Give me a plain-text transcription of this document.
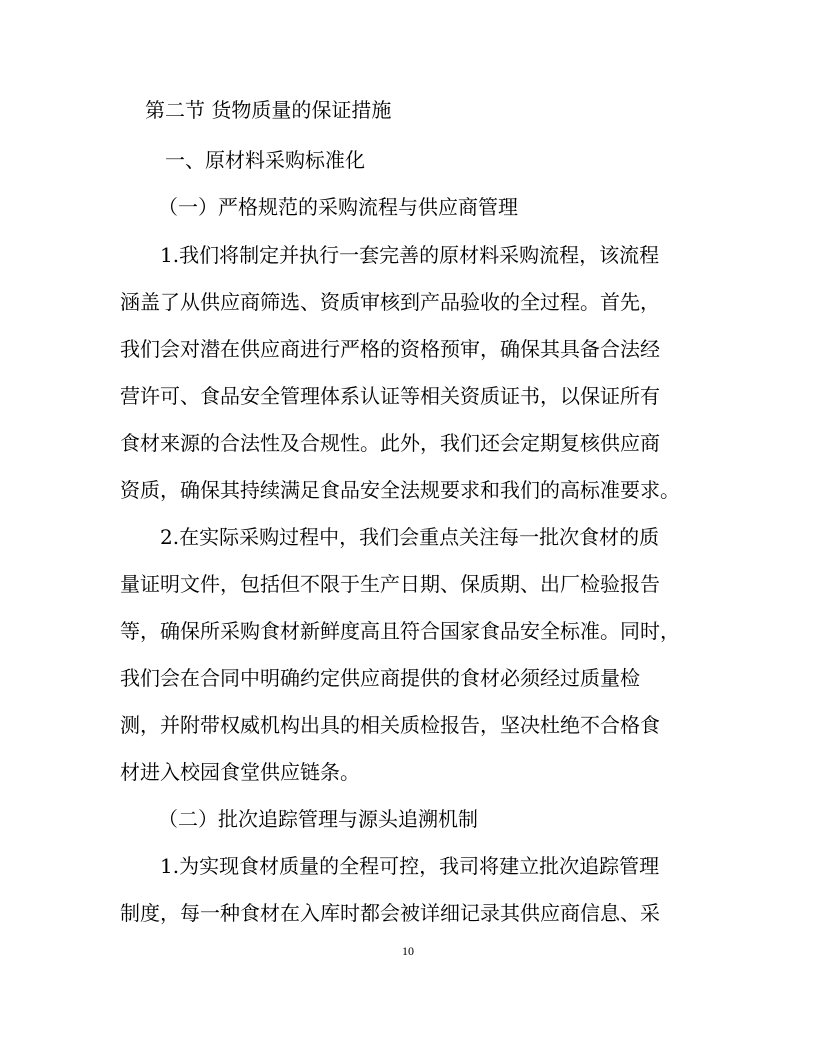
第二节 货物质量的保证措施
一、原材料采购标准化
（一）严格规范的采购流程与供应商管理
1.我们将制定并执行一套完善的原材料采购流程，该流程
涵盖了从供应商筛选、资质审核到产品验收的全过程。首先，
我们会对潜在供应商进行严格的资格预审，确保其具备合法经
营许可、食品安全管理体系认证等相关资质证书，以保证所有
食材来源的合法性及合规性。此外，我们还会定期复核供应商
资质，确保其持续满足食品安全法规要求和我们的高标准要求。
2.在实际采购过程中，我们会重点关注每一批次食材的质
量证明文件，包括但不限于生产日期、保质期、出厂检验报告
等，确保所采购食材新鲜度高且符合国家食品安全标准。同时，
我们会在合同中明确约定供应商提供的食材必须经过质量检
测，并附带权威机构出具的相关质检报告，坚决杜绝不合格食
材进入校园食堂供应链条。
（二）批次追踪管理与源头追溯机制
1.为实现食材质量的全程可控，我司将建立批次追踪管理
制度，每一种食材在入库时都会被详细记录其供应商信息、采
10
